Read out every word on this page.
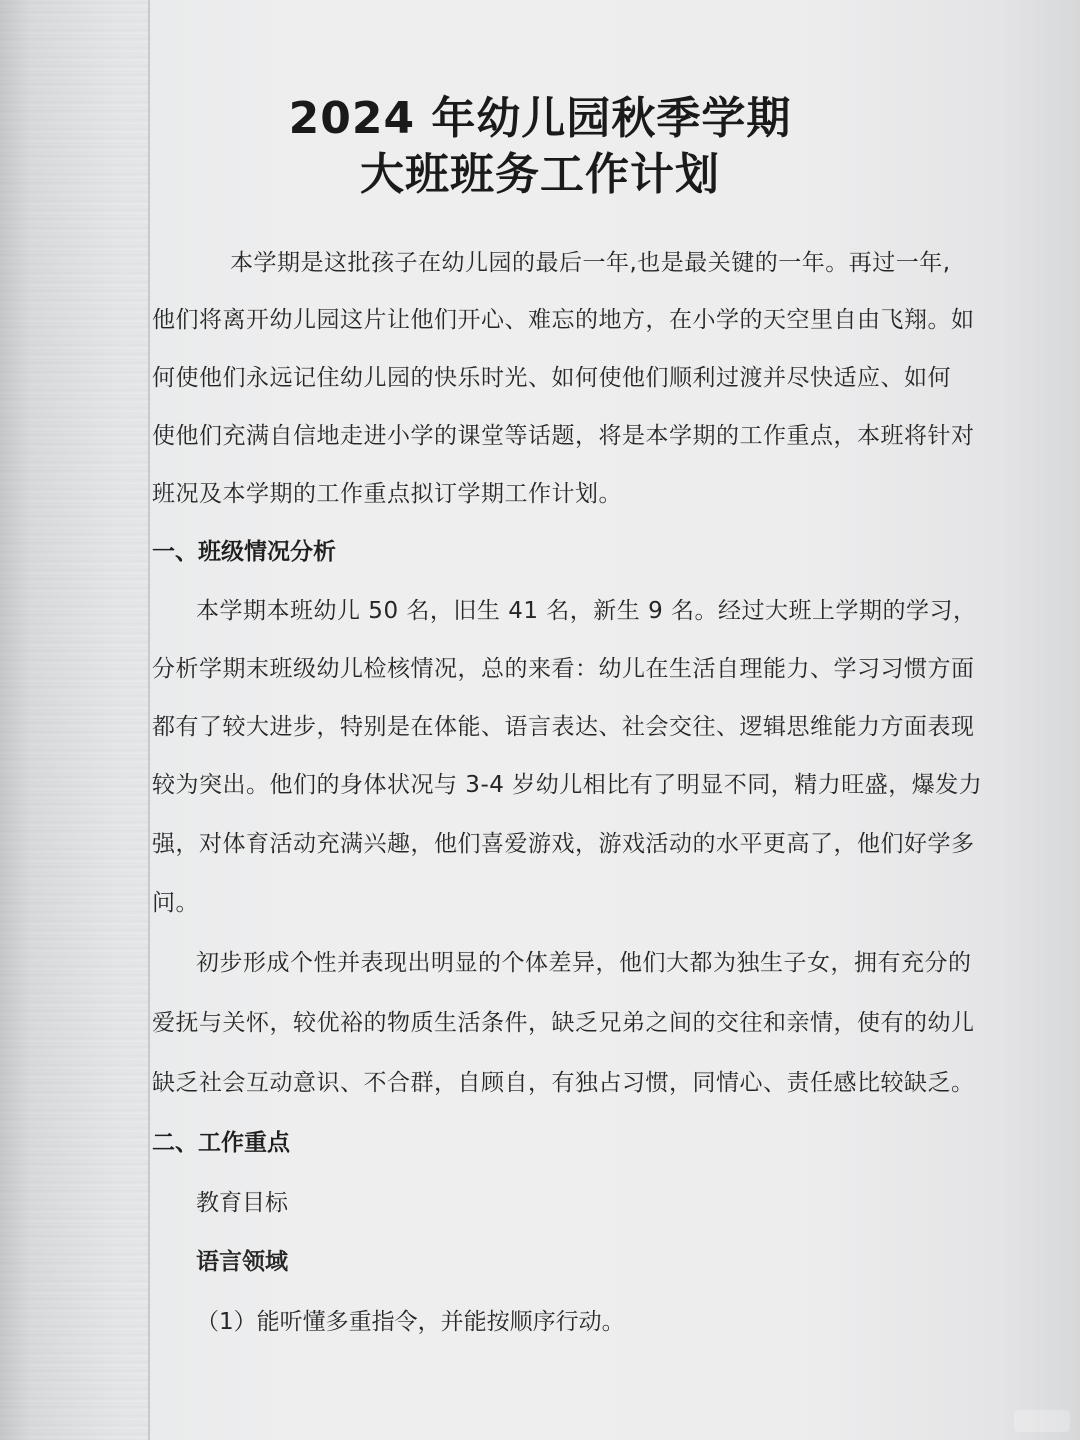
2024 年幼儿园秋季学期
大班班务工作计划
本学期是这批孩子在幼儿园的最后一年,也是最关键的一年。再过一年,
他们将离开幼儿园这片让他们开心、难忘的地方，在小学的天空里自由飞翔。如
何使他们永远记住幼儿园的快乐时光、如何使他们顺利过渡并尽快适应、如何
使他们充满自信地走进小学的课堂等话题，将是本学期的工作重点，本班将针对
班况及本学期的工作重点拟订学期工作计划。
一、班级情况分析
本学期本班幼儿 50 名，旧生 41 名，新生 9 名。经过大班上学期的学习，
分析学期末班级幼儿检核情况，总的来看：幼儿在生活自理能力、学习习惯方面
都有了较大进步，特别是在体能、语言表达、社会交往、逻辑思维能力方面表现
较为突出。他们的身体状况与 3-4 岁幼儿相比有了明显不同，精力旺盛，爆发力
强，对体育活动充满兴趣，他们喜爱游戏，游戏活动的水平更高了，他们好学多
问。
初步形成个性并表现出明显的个体差异，他们大都为独生子女，拥有充分的
爱抚与关怀，较优裕的物质生活条件，缺乏兄弟之间的交往和亲情，使有的幼儿
缺乏社会互动意识、不合群，自顾自，有独占习惯，同情心、责任感比较缺乏。
二、工作重点
教育目标
语言领域
（1）能听懂多重指令，并能按顺序行动。
